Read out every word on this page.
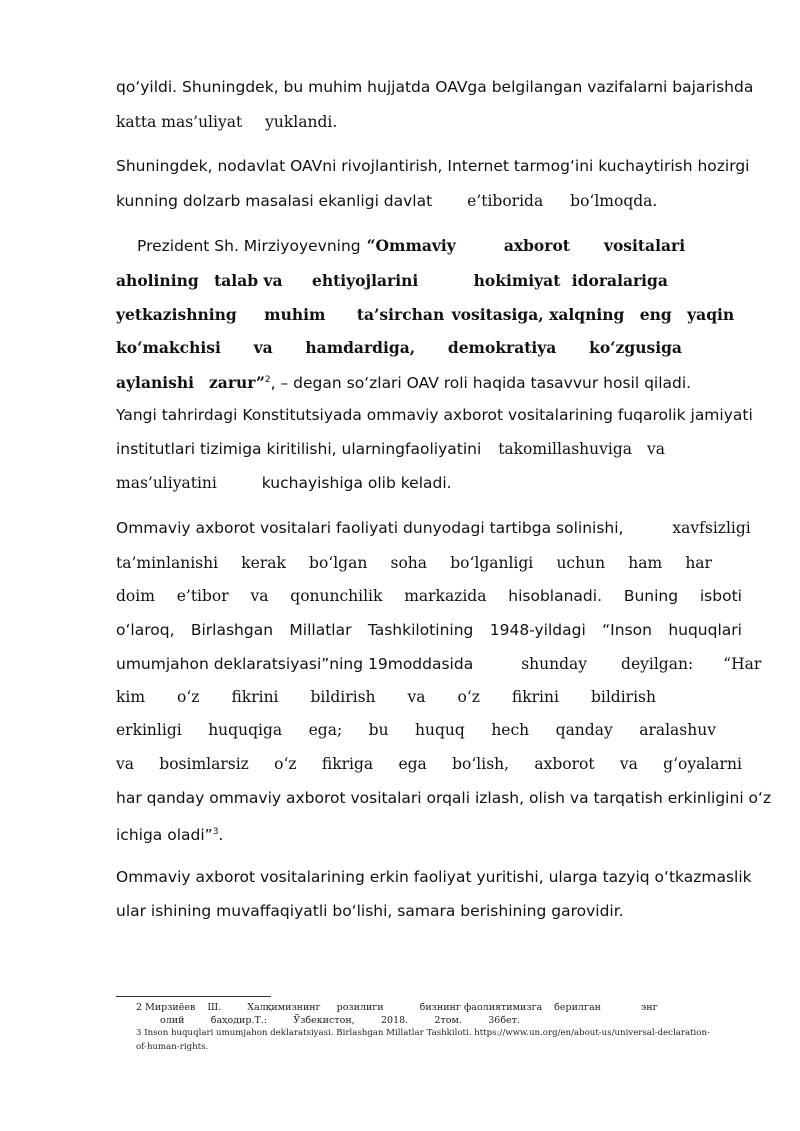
qoʻyildi. Shuningdek, bu muhim hujjatda OAVga belgilangan vazifalarni bajarishda
katta mas’uliyat yuklandi.
Shuningdek, nodavlat OAVni rivojlantirish, Internet tarmogʻini kuchaytirish hozirgi
kunning dolzarb masalasi ekanligi davlat e’tiborida boʻlmoqda.
Prezident Sh. Mirziyoyevning “Ommaviy	axborot vositalari
aholining talab va ehtiyojlarini	hokimiyat idoralariga
yetkazishning muhim ta’sirchan vositasiga, xalqning eng yaqin
koʻmakchisi va hamdardiga, demokratiya koʻzgusiga
aylanishi zarur”$^2$, – degan soʻzlari OAV roli haqida tasavvur hosil qiladi.
Yangi tahrirdagi Konstitutsiyada ommaviy axborot vositalarining fuqarolik jamiyati
institutlari tizimiga kiritilishi, ularningfaoliyatini takomillashuviga va
mas’uliyatini	kuchayishiga olib keladi.
Ommaviy axborot vositalari faoliyati dunyodagi tartibga solinishi,	xavfsizligi
ta’minlanishi kerak boʻlgan soha boʻlganligi uchun ham har
doim e’tibor va qonunchilik markazida hisoblanadi. Buning isboti
oʻlaroq, Birlashgan Millatlar Tashkilotining 1948-yildagi “Inson huquqlari
umumjahon deklaratsiyasi”ning 19moddasida	shunday deyilgan: “Har
kim oʻz fikrini bildirish va oʻz fikrini bildirish
erkinligi huquqiga ega; bu huquq hech qanday aralashuv
va bosimlarsiz oʻz fikriga ega boʻlish, axborot va gʻoyalarni
har qanday ommaviy axborot vositalari orqali izlash, olish va tarqatish erkinligini oʻz
ichiga oladi”$^3$.
Ommaviy axborot vositalarining erkin faoliyat yuritishi, ularga tazyiq oʻtkazmaslik
ular ishining muvaffaqiyatli boʻlishi, samara berishining garovidir.
2 Мирзиёев Ш.	Халқимизнинг розилиги	бизнинг фаолиятимизга берилган	энг
олий	баҳодир.Т.:	Ўзбекистон,	2018.	2том.	36бет.
3 Inson huquqlari umumjahon deklaratsiyasi. Birlashgan Millatlar Tashkiloti. https://www.un.org/en/about-us/universal-declaration-
of-human-rights.
